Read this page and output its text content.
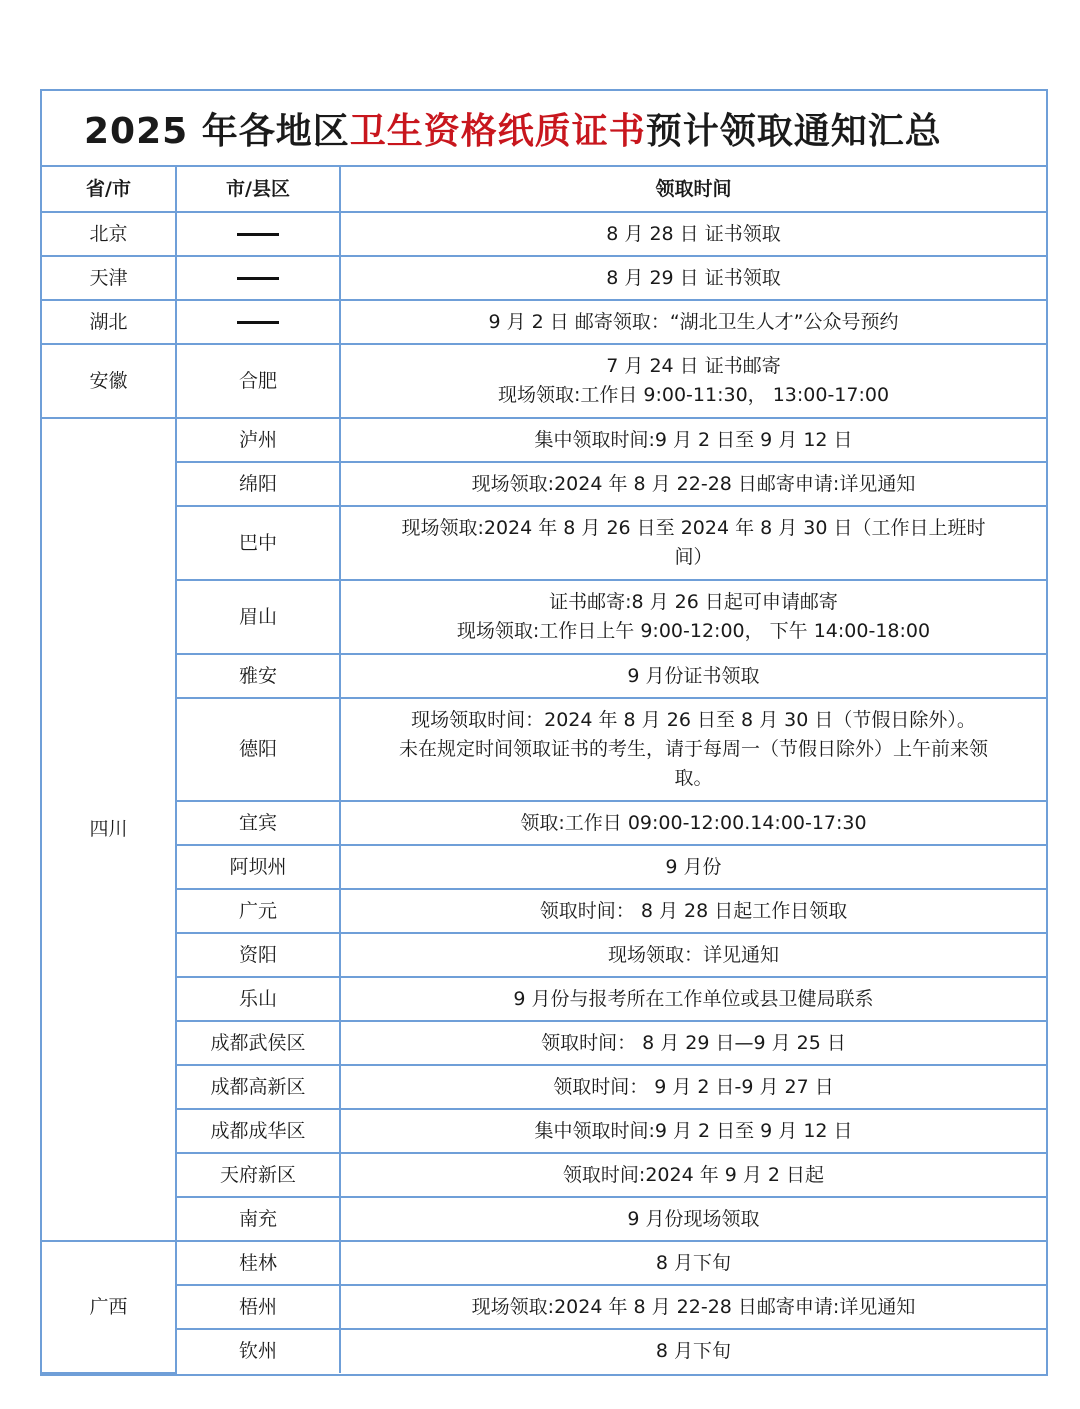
2025 年各地区 卫生资格纸质证书 预计领取通知汇总
省/市	市/县区	领取时间
北京		8 月 28 日 证书领取

天津		8 月 29 日 证书领取

湖北		9 月 2 日 邮寄领取：“湖北卫生人才”公众号预约

安徽	合肥	7 月 24 日 证书邮寄
现场领取:工作日 9:00-11:30， 13:00-17:00

四川	泸州	集中领取时间:9 月 2 日至 9 月 12 日

	绵阳	现场领取:2024 年 8 月 22-28 日邮寄申请:详见通知

	巴中	现场领取:2024 年 8 月 26 日至 2024 年 8 月 30 日（工作日上班时
间）

	眉山	证书邮寄:8 月 26 日起可申请邮寄
现场领取:工作日上午 9:00-12:00， 下午 14:00-18:00

	雅安	9 月份证书领取

	德阳	现场领取时间：2024 年 8 月 26 日至 8 月 30 日（节假日除外）。
未在规定时间领取证书的考生，请于每周一（节假日除外）上午前来领
取。

	宜宾	领取:工作日 09:00-12:00.14:00-17:30

	阿坝州	9 月份

	广元	领取时间： 8 月 28 日起工作日领取

	资阳	现场领取：详见通知

	乐山	9 月份与报考所在工作单位或县卫健局联系

	成都武侯区	领取时间： 8 月 29 日—9 月 25 日

	成都高新区	领取时间： 9 月 2 日-9 月 27 日

	成都成华区	集中领取时间:9 月 2 日至 9 月 12 日

	天府新区	领取时间:2024 年 9 月 2 日起

	南充	9 月份现场领取

广西	桂林	8 月下旬

	梧州	现场领取:2024 年 8 月 22-28 日邮寄申请:详见通知

	钦州	8 月下旬
